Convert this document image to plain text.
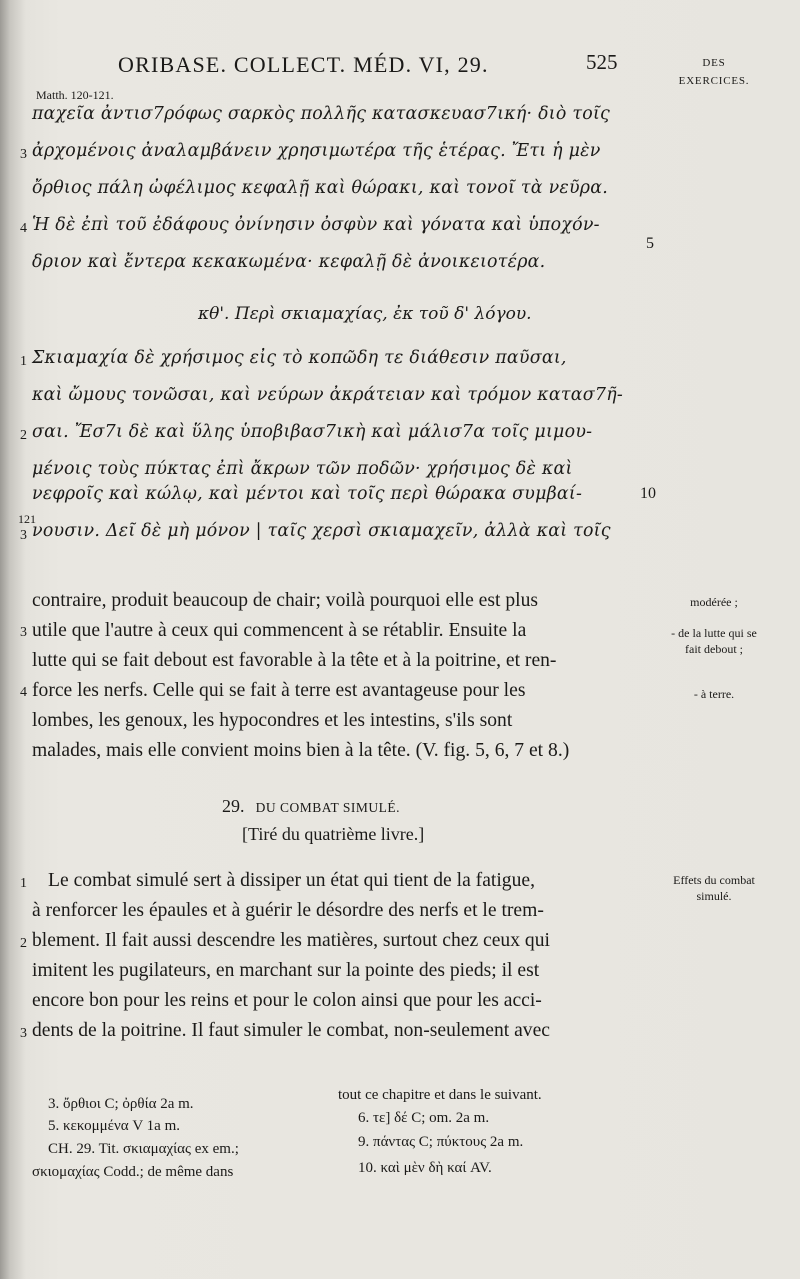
ORIBASE. COLLECT. MÉD. VI, 29.	525	DES
EXERCICES.
Matth. 120-121.
παχεῖα ἀντισ7ρόφως σαρκὸς πολλῆς κατασκευασ7ική· διὸ τοῖς
ἀρχομένοις ἀναλαμβάνειν χρησιμωτέρα τῆς ἑτέρας. Ἔτι ἡ μὲν
ὄρθιος πάλη ὠφέλιμος κεφαλῇ καὶ θώρακι, καὶ τονοῖ τὰ νεῦρα.
Ἡ δὲ ἐπὶ τοῦ ἐδάφους ὀνίνησιν ὀσφὺν καὶ γόνατα καὶ ὑποχόν-
δριον καὶ ἔντερα κεκακωμένα· κεφαλῇ δὲ ἀνοικειοτέρα.
3
4
5
κθ'. Περὶ σκιαμαχίας, ἐκ τοῦ δ' λόγου.
Σκιαμαχία δὲ χρήσιμος εἰς τὸ κοπῶδη τε διάθεσιν παῦσαι,
καὶ ὤμους τονῶσαι, καὶ νεύρων ἀκράτειαν καὶ τρόμον κατασ7ῆ-
σαι. Ἔσ7ι δὲ καὶ ὕλης ὑποβιβασ7ικὴ καὶ μάλισ7α τοῖς μιμου-
μένοις τοὺς πύκτας ἐπὶ ἄκρων τῶν ποδῶν· χρήσιμος δὲ καὶ
νεφροῖς καὶ κώλῳ, καὶ μέντοι καὶ τοῖς περὶ θώρακα συμβαί-
νουσιν. Δεῖ δὲ μὴ μόνον | ταῖς χερσὶ σκιαμαχεῖν, ἀλλὰ καὶ τοῖς
1
2
121
3
10
contraire, produit beaucoup de chair; voilà pourquoi elle est plus
utile que l'autre à ceux qui commencent à se rétablir. Ensuite la
lutte qui se fait debout est favorable à la tête et à la poitrine, et ren-
force les nerfs. Celle qui se fait à terre est avantageuse pour les
lombes, les genoux, les hypocondres et les intestins, s'ils sont
malades, mais elle convient moins bien à la tête. (V. fig. 5, 6, 7 et 8.)
3
4
29. DU COMBAT SIMULÉ.
[Tiré du quatrième livre.]
Le combat simulé sert à dissiper un état qui tient de la fatigue,
à renforcer les épaules et à guérir le désordre des nerfs et le trem-
blement. Il fait aussi descendre les matières, surtout chez ceux qui
imitent les pugilateurs, en marchant sur la pointe des pieds; il est
encore bon pour les reins et pour le colon ainsi que pour les acci-
dents de la poitrine. Il faut simuler le combat, non-seulement avec
1
2
3
modérée ;
- de la lutte qui se fait debout ;
- à terre.
Effets du combat simulé.
3. ὄρθιοι C; ὀρθία 2a m.
5. κεκομμένα V 1a m.
CH. 29. Tit. σκιαμαχίας ex em.;
σκιομαχίας Codd.; de même dans
tout ce chapitre et dans le suivant.
6. τε] δέ C; om. 2a m.
9. πάντας C; πύκτους 2a m.
10. καὶ μὲν δὴ καί AV.
